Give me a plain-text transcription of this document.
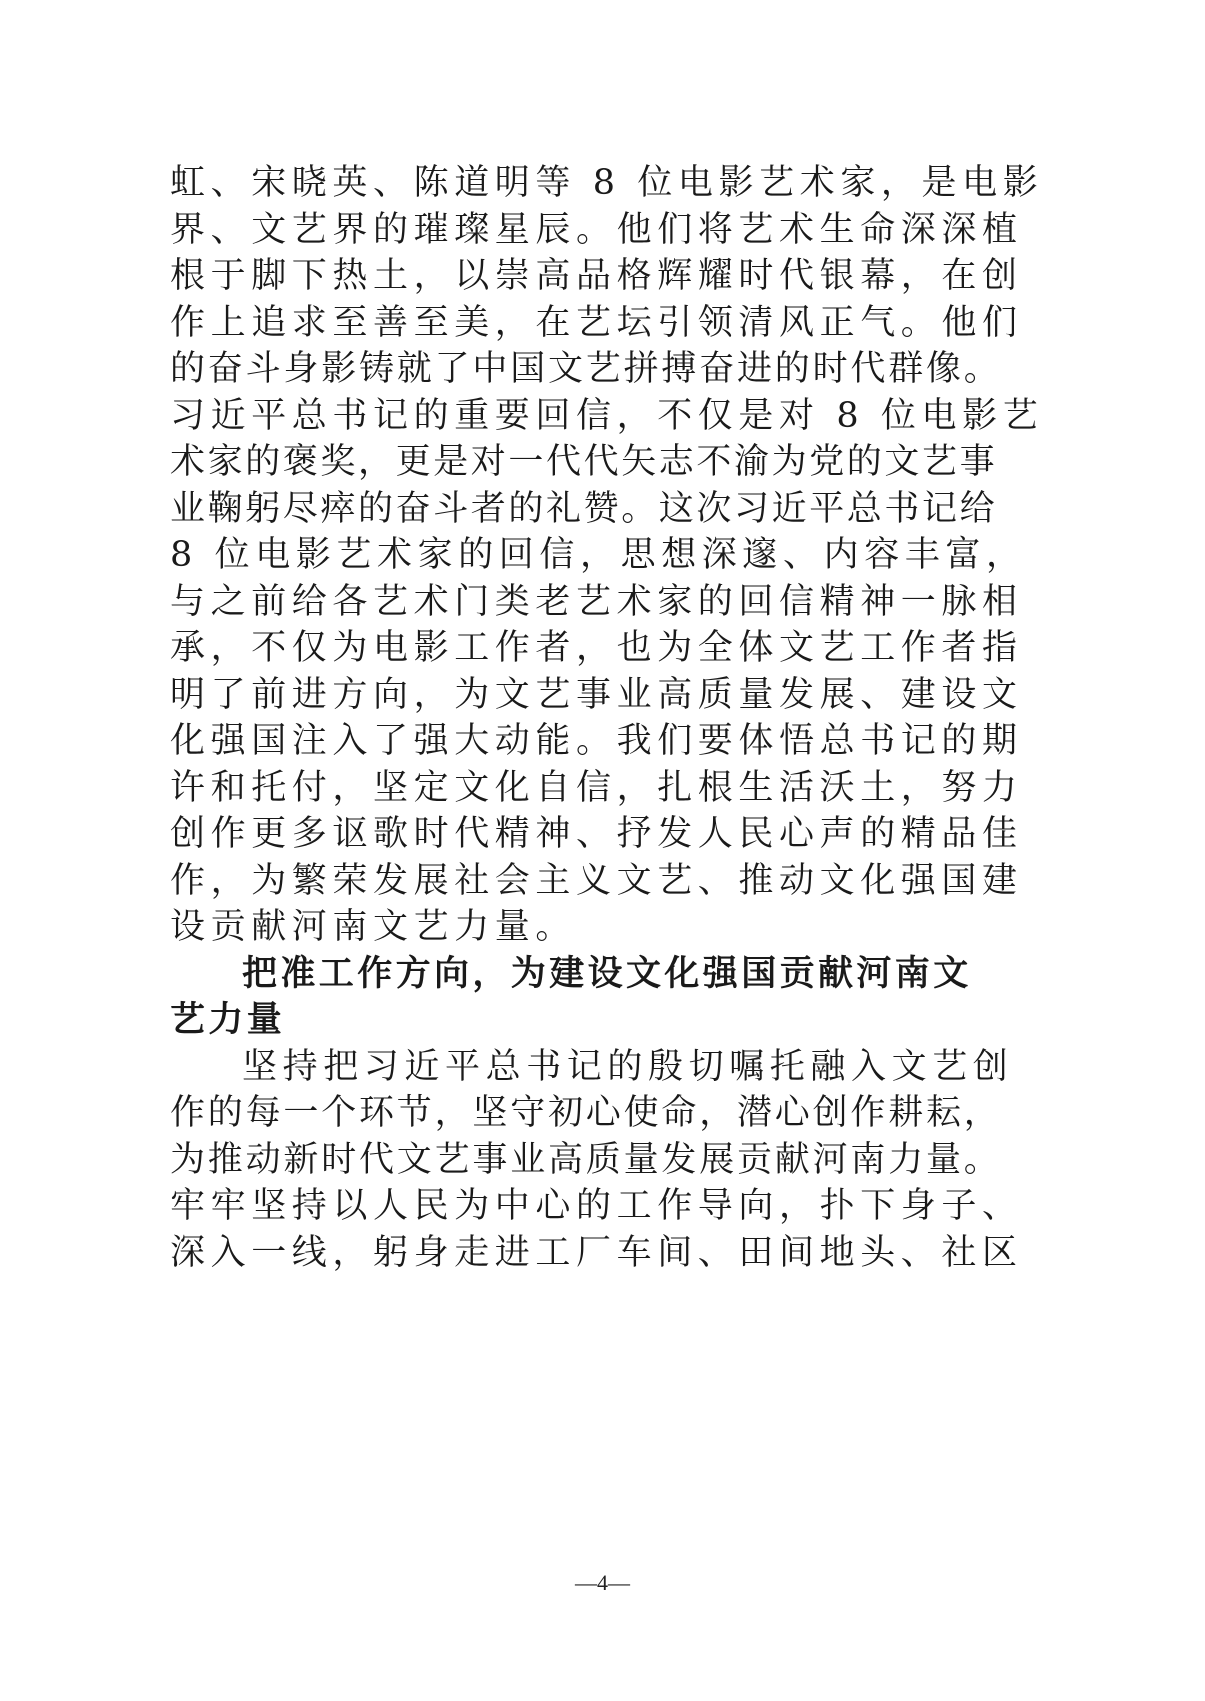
虹、宋晓英、陈道明等 8 位电影艺术家，是电影
界、文艺界的璀璨星辰。他们将艺术生命深深植
根于脚下热土，以崇高品格辉耀时代银幕，在创
作上追求至善至美，在艺坛引领清风正气。他们
的奋斗身影铸就了中国文艺拼搏奋进的时代群像。
习近平总书记的重要回信，不仅是对 8 位电影艺
术家的褒奖，更是对一代代矢志不渝为党的文艺事
业鞠躬尽瘁的奋斗者的礼赞。这次习近平总书记给
8 位电影艺术家的回信，思想深邃、内容丰富，
与之前给各艺术门类老艺术家的回信精神一脉相
承，不仅为电影工作者，也为全体文艺工作者指
明了前进方向，为文艺事业高质量发展、建设文
化强国注入了强大动能。我们要体悟总书记的期
许和托付，坚定文化自信，扎根生活沃土，努力
创作更多讴歌时代精神、抒发人民心声的精品佳
作，为繁荣发展社会主义文艺、推动文化强国建
设贡献河南文艺力量。
把准工作方向，为建设文化强国贡献河南文
艺力量
坚持把习近平总书记的殷切嘱托融入文艺创
作的每一个环节，坚守初心使命，潜心创作耕耘，
为推动新时代文艺事业高质量发展贡献河南力量。
牢牢坚持以人民为中心的工作导向，扑下身子、
深入一线，躬身走进工厂车间、田间地头、社区
—4—
